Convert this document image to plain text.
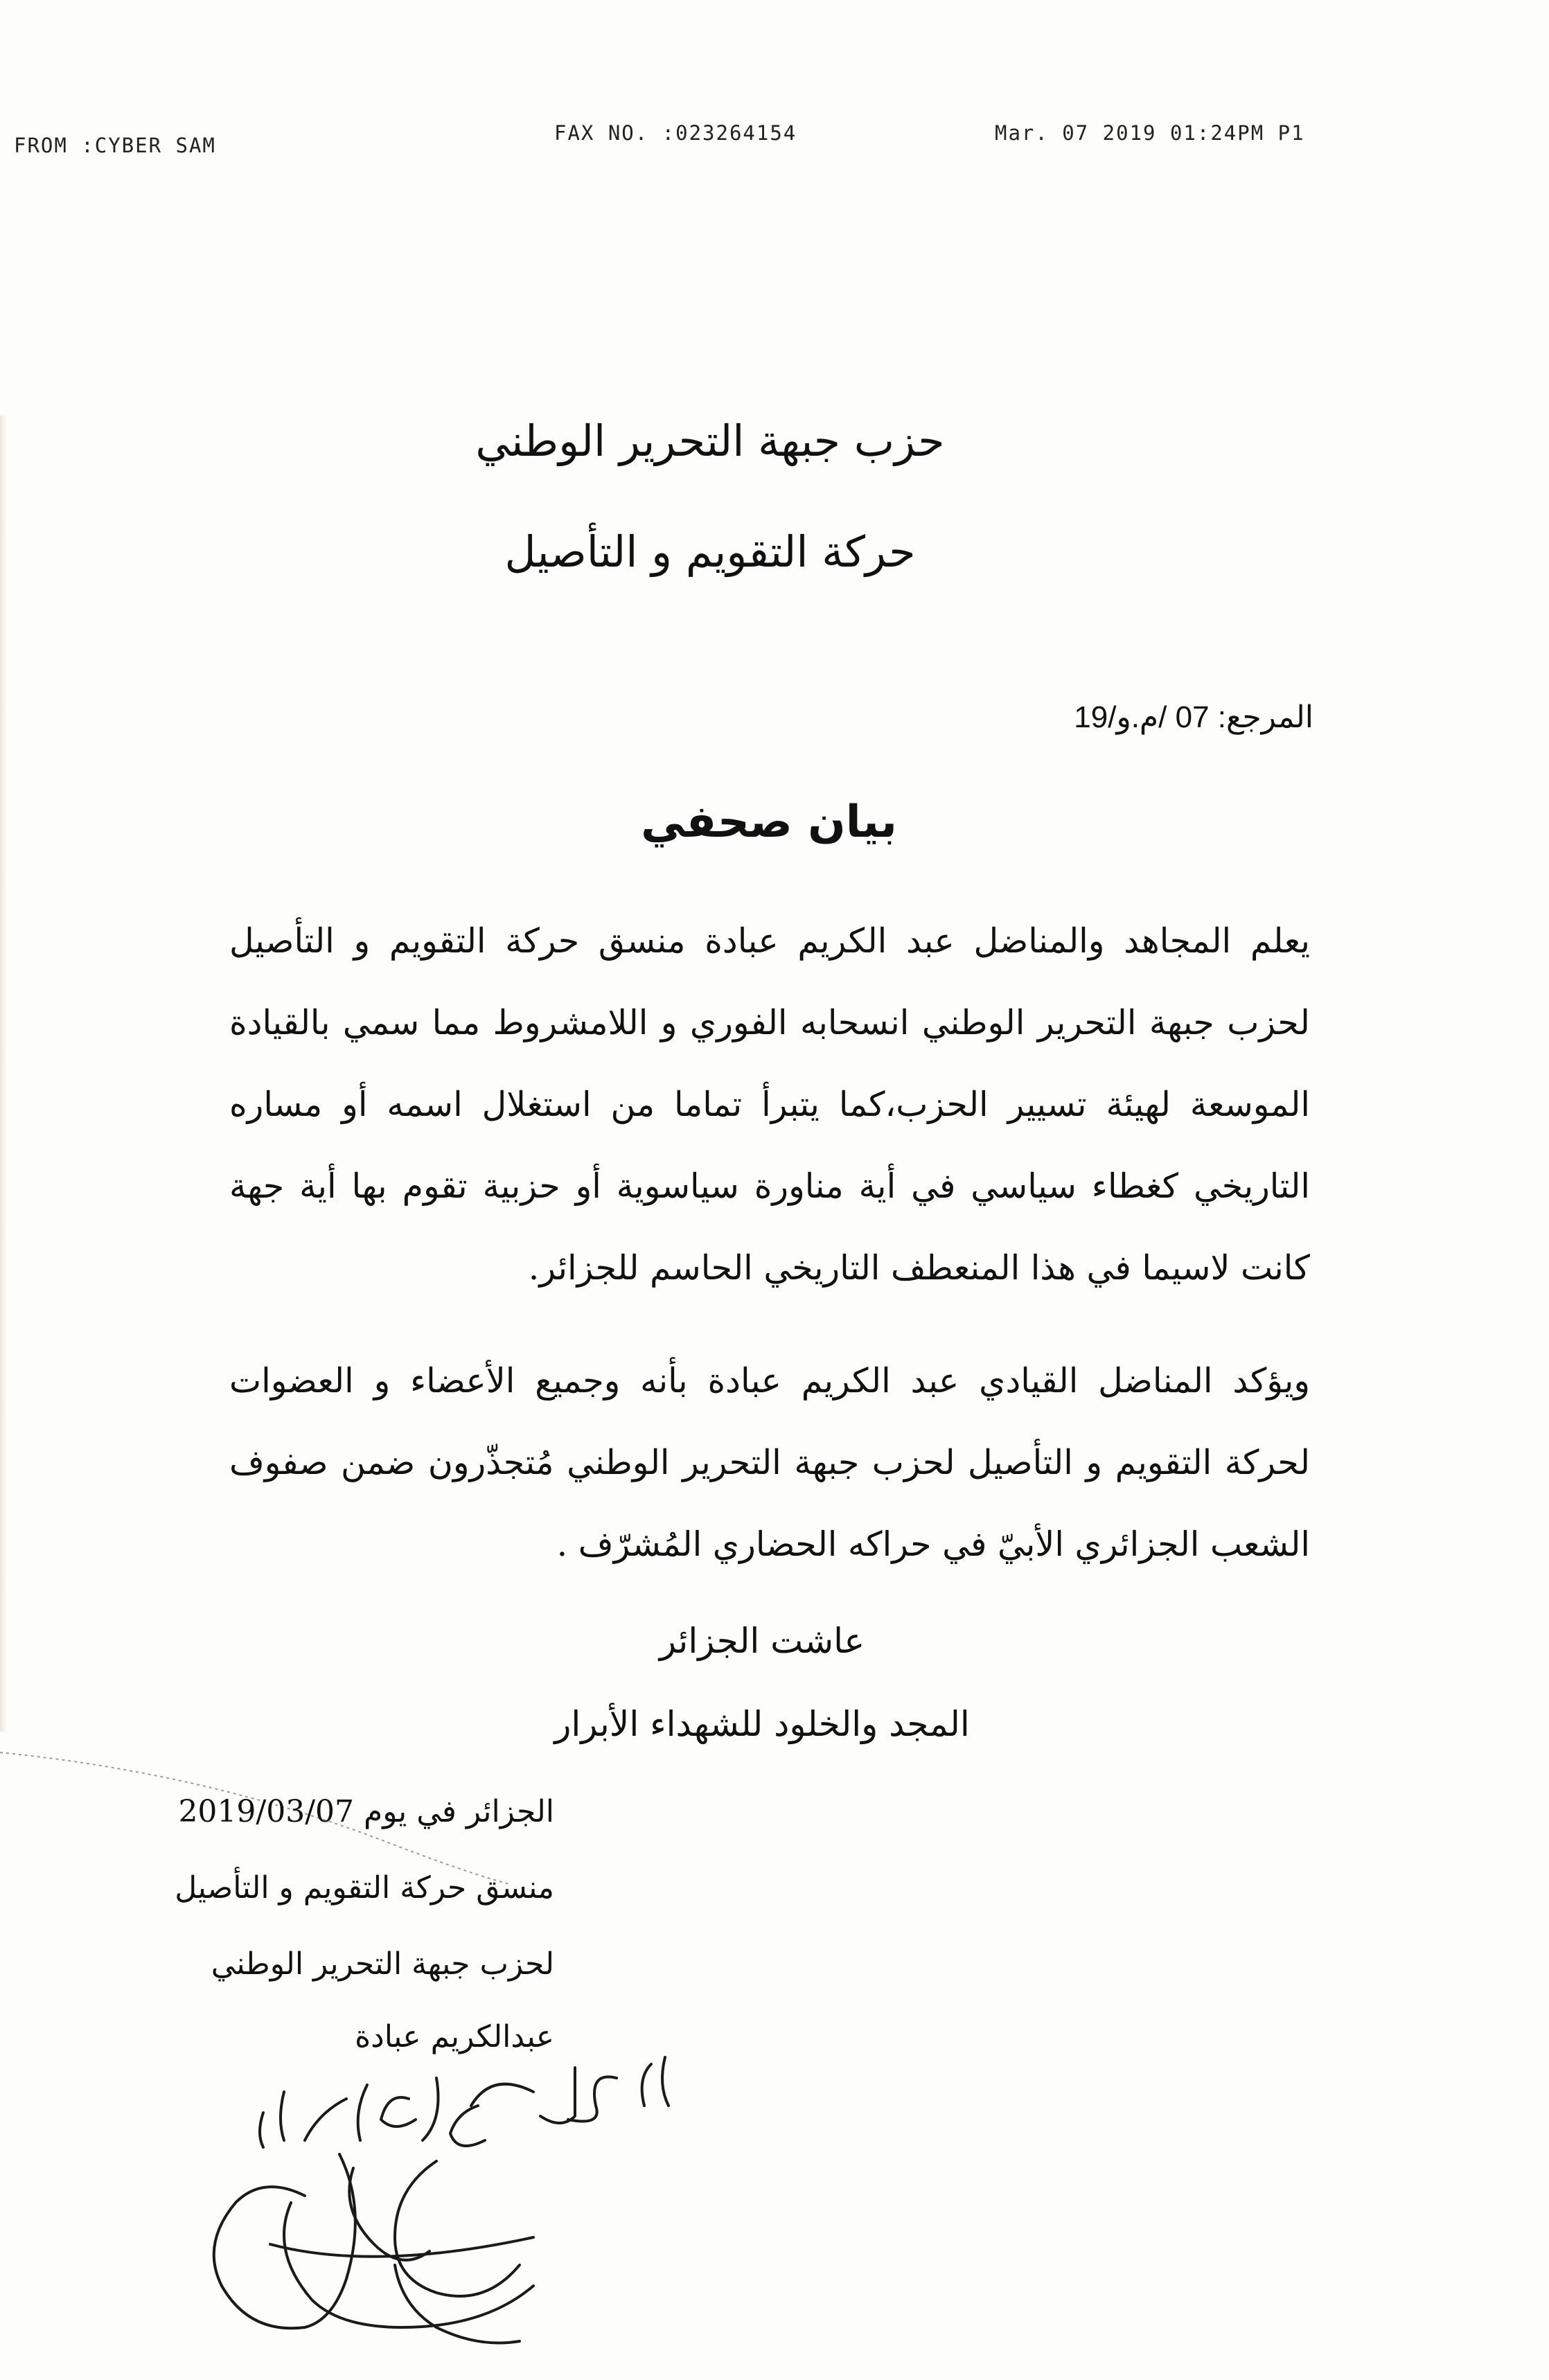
FROM :CYBER SAM
FAX NO. :023264154	Mar. 07 2019 01:24PM P1
حزب جبهة التحرير الوطني
حركة التقويم و التأصيل
المرجع: 07 /م.و/19
بيان صحفي
يعلم المجاهد والمناضل عبد الكريم عبادة منسق حركة التقويم و التأصيل لحزب جبهة التحرير الوطني انسحابه الفوري و اللامشروط مما سمي بالقيادة الموسعة لهيئة تسيير الحزب،كما يتبرأ تماما من استغلال اسمه أو مساره التاريخي كغطاء سياسي في أية مناورة سياسوية أو حزبية تقوم بها أية جهة كانت لاسيما في هذا المنعطف التاريخي الحاسم للجزائر.
ويؤكد المناضل القيادي عبد الكريم عبادة بأنه وجميع الأعضاء و العضوات لحركة التقويم و التأصيل لحزب جبهة التحرير الوطني مُتجذّرون ضمن صفوف الشعب الجزائري الأبيّ في حراكه الحضاري المُشرّف .
عاشت الجزائر
المجد والخلود للشهداء الأبرار
الجزائر في يوم 2019/03/07
منسق حركة التقويم و التأصيل
لحزب جبهة التحرير الوطني
عبدالكريم عبادة
